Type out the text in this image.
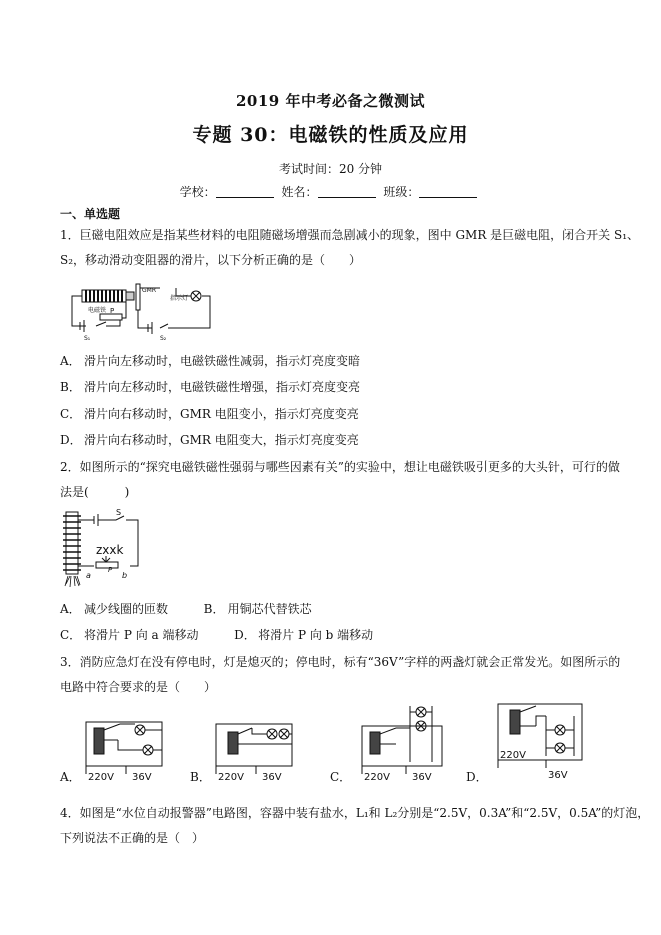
2019 年中考必备之微测试
专题 30：电磁铁的性质及应用
考试时间：20 分钟
学校：	姓名：	班级：
一、单选题
1．巨磁电阻效应是指某些材料的电阻随磁场增强而急剧减小的现象，图中 GMR 是巨磁电阻，闭合开关 S₁、
S₂，移动滑动变阻器的滑片，以下分析正确的是（　　）
电磁铁
GMR
指示灯
P
S₁	S₂
A． 滑片向左移动时，电磁铁磁性减弱，指示灯亮度变暗
B． 滑片向左移动时，电磁铁磁性增强，指示灯亮度变亮
C． 滑片向右移动时，GMR 电阻变小，指示灯亮度变亮
D． 滑片向右移动时，GMR 电阻变大，指示灯亮度变亮
2．如图所示的“探究电磁铁磁性强弱与哪些因素有关”的实验中，想让电磁铁吸引更多的大头针，可行的做
法是(　　　)
S
zxxk
a
P
b
A． 减少线圈的匝数	B． 用铜芯代替铁芯
C． 将滑片 P 向 a 端移动	D． 将滑片 P 向 b 端移动
3．消防应急灯在没有停电时，灯是熄灭的；停电时，标有“36V”字样的两盏灯就会正常发光。如图所示的
电路中符合要求的是（　　）
A． 220V 36V	B． 220V 36V	C． 220V 36V	D．
220V
36V
4．如图是“水位自动报警器”电路图，容器中装有盐水，L₁和 L₂分别是“2.5V，0.3A”和“2.5V，0.5A”的灯泡，
下列说法不正确的是（　）
